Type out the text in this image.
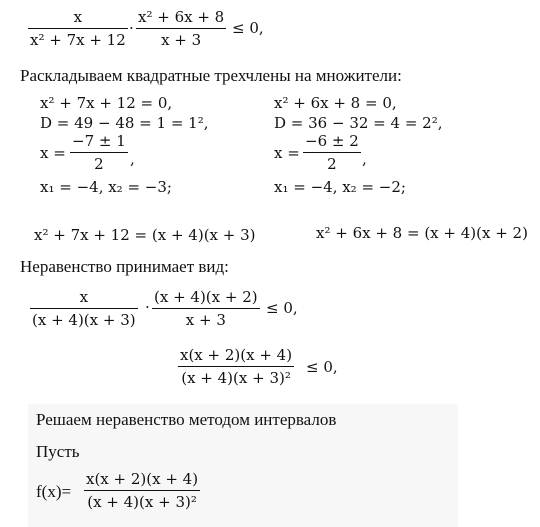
x
x² + 7x + 12
·
x² + 6x + 8
x + 3
≤ 0,
Раскладываем квадратные трехчлены на множители:
x² + 7x + 12 = 0,
D = 49 − 48 = 1 = 1²,
x =
−7 ± 1
2 ,
x₁ = −4, x₂ = −3;
x² + 6x + 8 = 0,
D = 36 − 32 = 4 = 2²,
x =
−6 ± 2
2 ,
x₁ = −4, x₂ = −2;
x² + 7x + 12 = (x + 4)(x + 3)	x² + 6x + 8 = (x + 4)(x + 2)
Неравенство принимает вид:
x
(x + 4)(x + 3)
·
(x + 4)(x + 2)
x + 3
≤ 0,
x(x + 2)(x + 4)
(x + 4)(x + 3)²
≤ 0,
Решаем неравенство методом интервалов
Пусть
f(x)=
x(x + 2)(x + 4)
(x + 4)(x + 3)²
